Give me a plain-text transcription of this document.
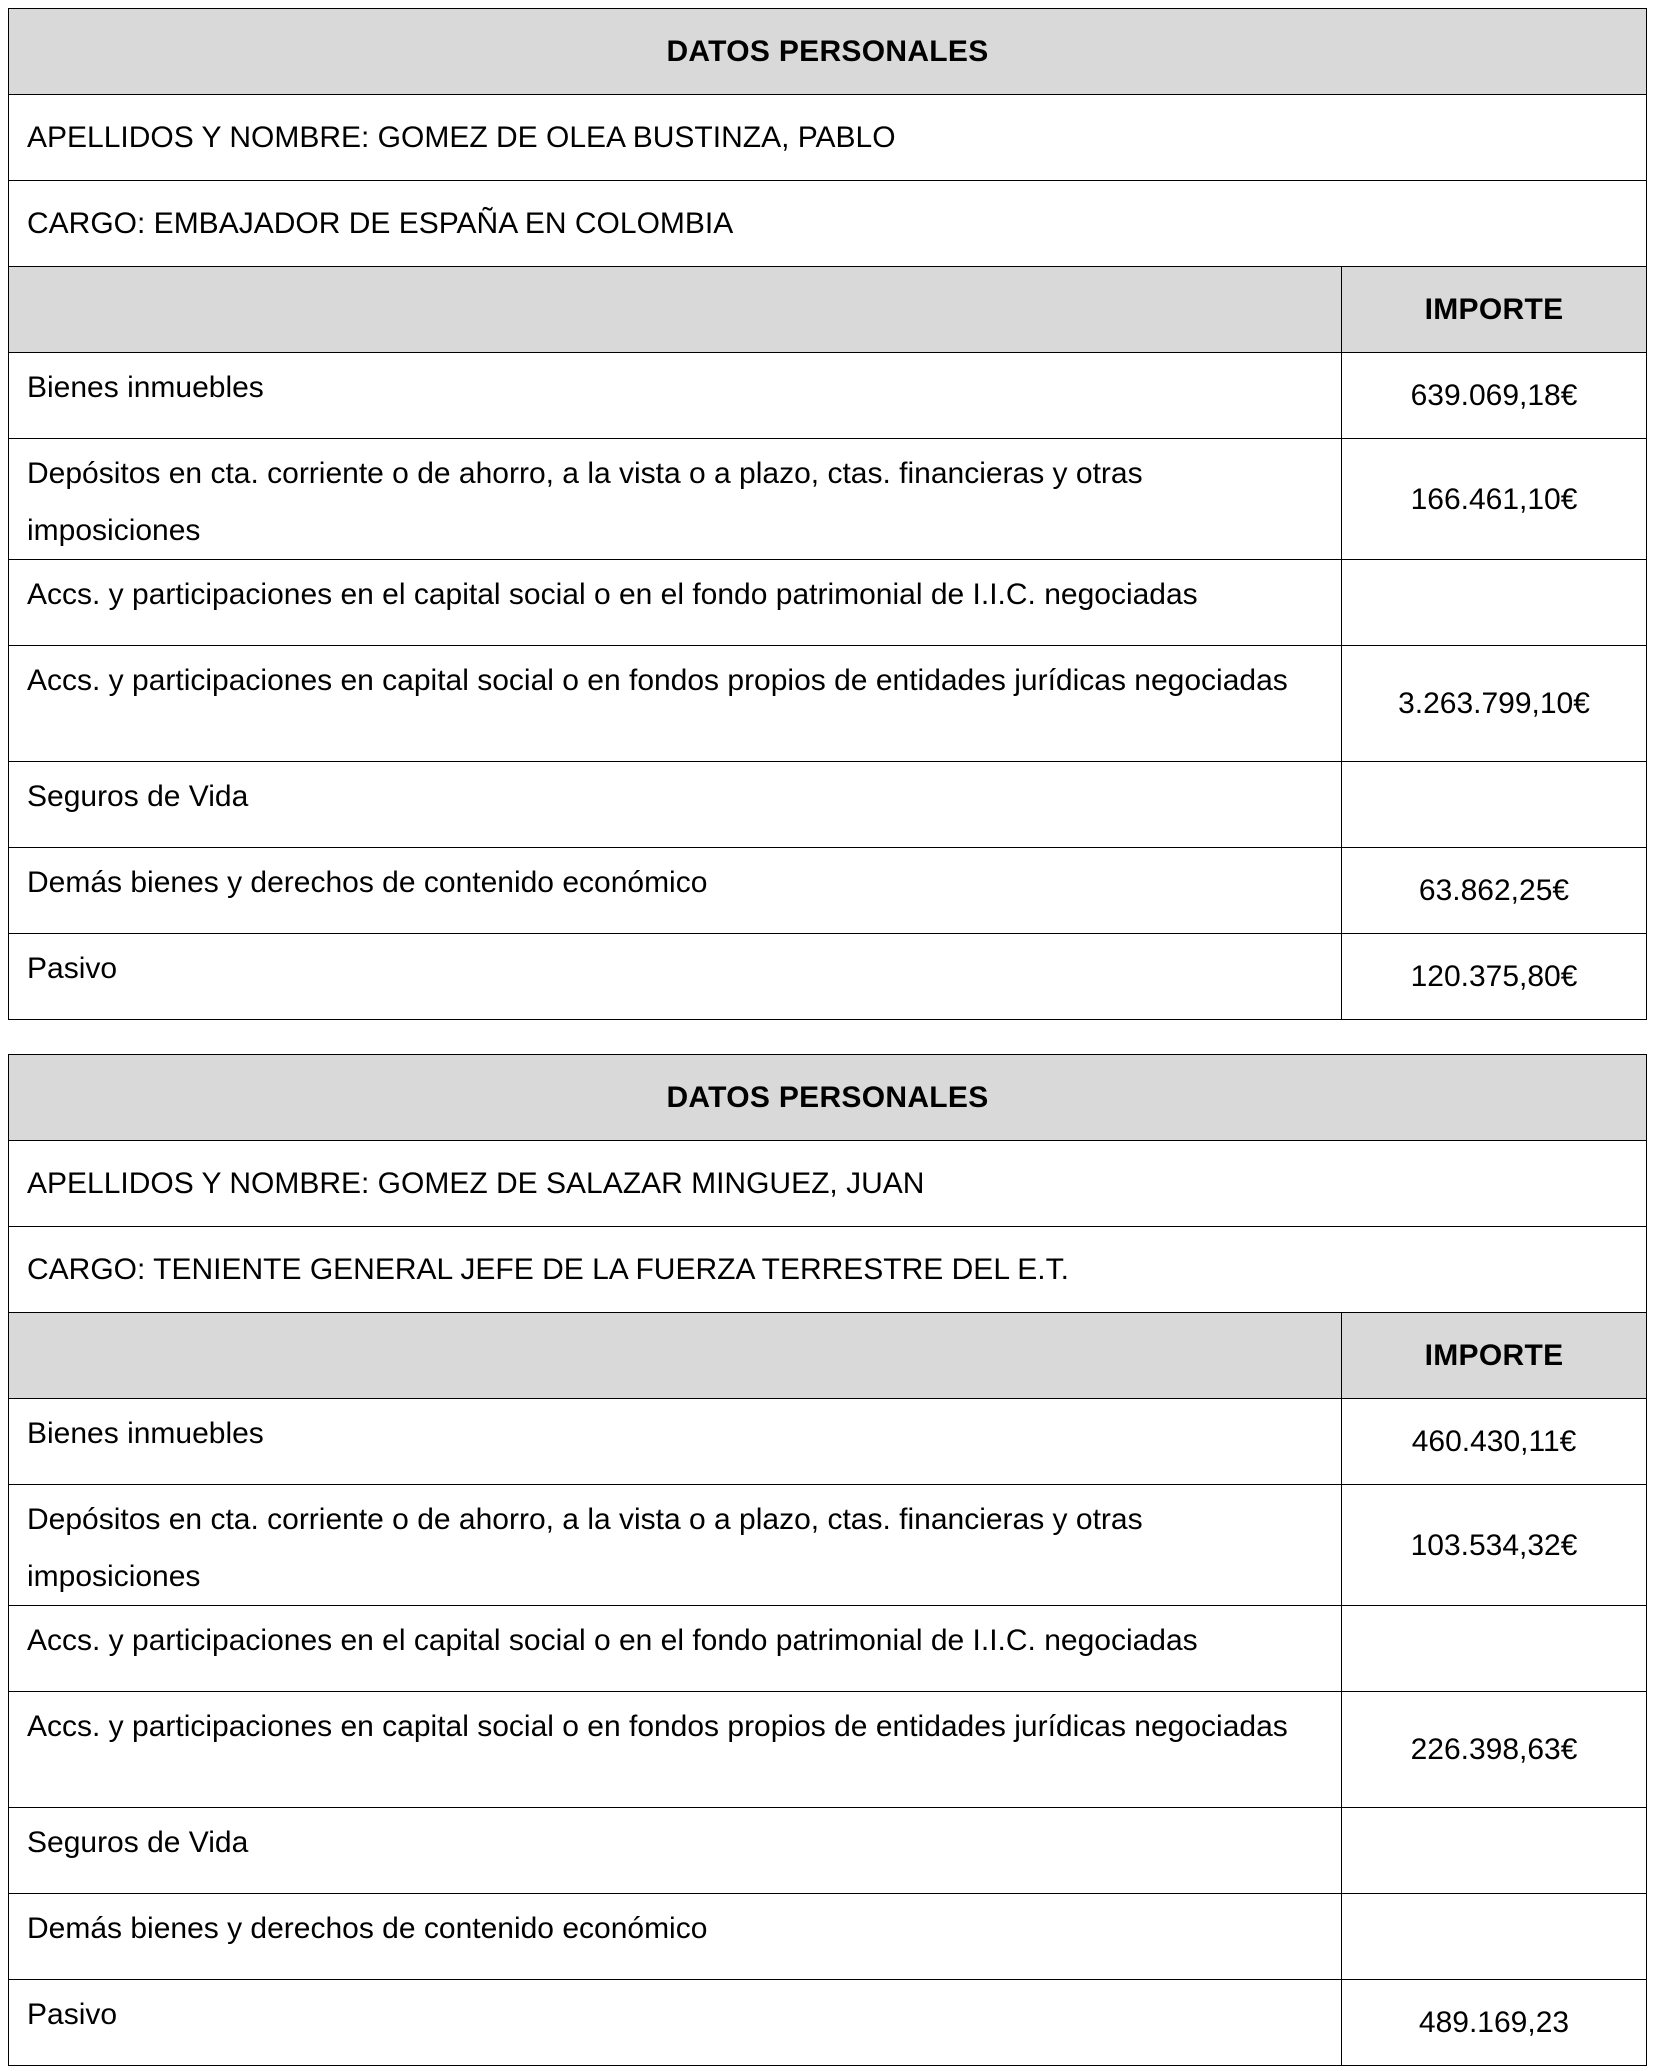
DATOS PERSONALES	
APELLIDOS Y NOMBRE: GOMEZ DE OLEA BUSTINZA, PABLO	
CARGO: EMBAJADOR DE ESPAÑA EN COLOMBIA	
	IMPORTE
Bienes inmuebles	639.069,18€
Depósitos en cta. corriente o de ahorro, a la vista o a plazo, ctas. financieras y otras imposiciones	166.461,10€
Accs. y participaciones en el capital social o en el fondo patrimonial de I.I.C. negociadas	
Accs. y participaciones en capital social o en fondos propios de entidades jurídicas negociadas	3.263.799,10€
Seguros de Vida	
Demás bienes y derechos de contenido económico	63.862,25€
Pasivo	120.375,80€
DATOS PERSONALES	
APELLIDOS Y NOMBRE: GOMEZ DE SALAZAR MINGUEZ, JUAN	
CARGO: TENIENTE GENERAL JEFE DE LA FUERZA TERRESTRE DEL E.T.	
	IMPORTE
Bienes inmuebles	460.430,11€
Depósitos en cta. corriente o de ahorro, a la vista o a plazo, ctas. financieras y otras imposiciones	103.534,32€
Accs. y participaciones en el capital social o en el fondo patrimonial de I.I.C. negociadas	
Accs. y participaciones en capital social o en fondos propios de entidades jurídicas negociadas	226.398,63€
Seguros de Vida	
Demás bienes y derechos de contenido económico	
Pasivo	489.169,23
